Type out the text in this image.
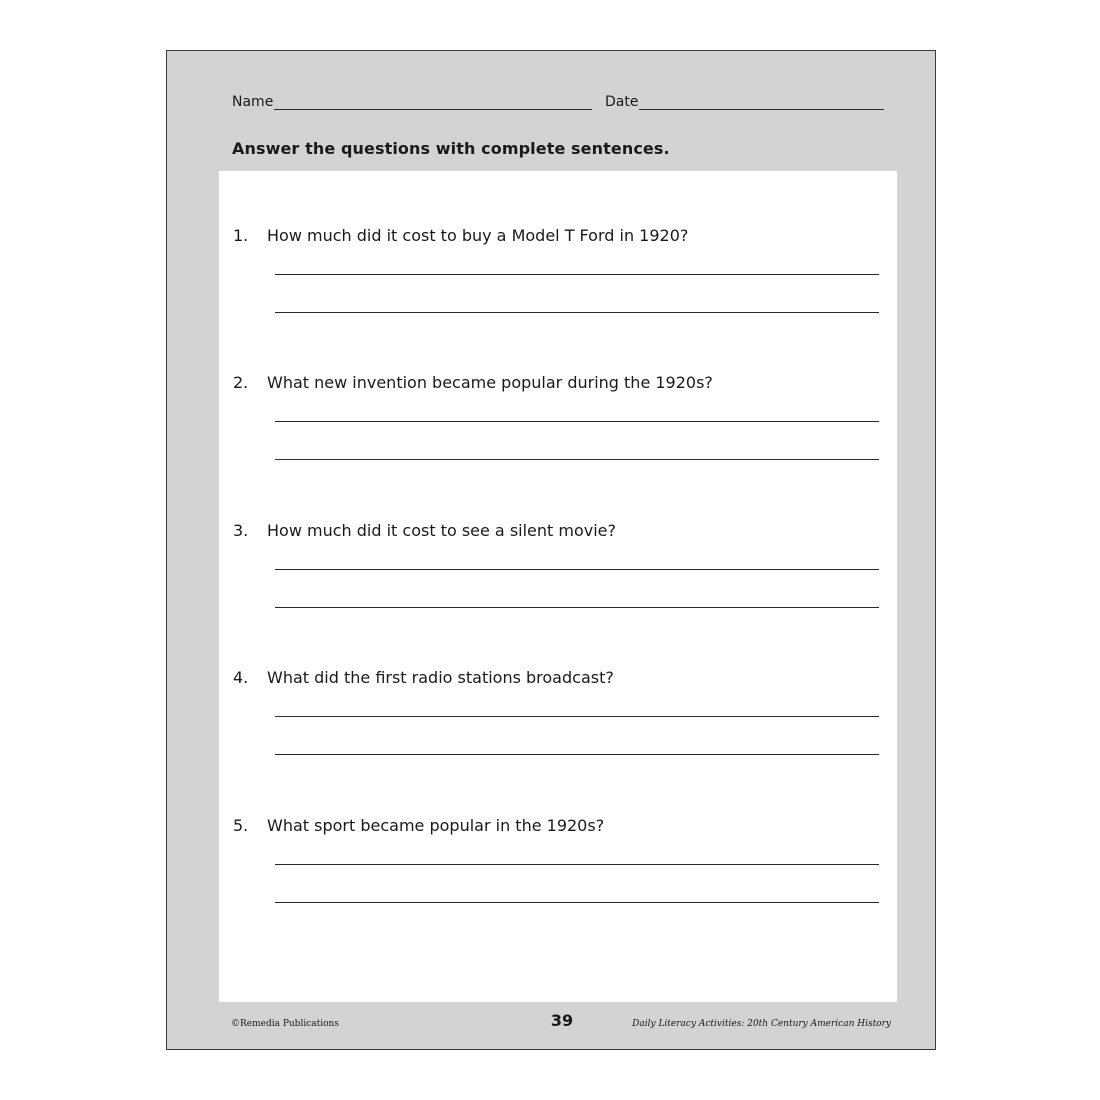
Name	Date
Answer the questions with complete sentences.
1.	How much did it cost to buy a Model T Ford in 1920?
2.	What new invention became popular during the 1920s?
3.	How much did it cost to see a silent movie?
4.	What did the first radio stations broadcast?
5.	What sport became popular in the 1920s?
©Remedia Publications	39	Daily Literacy Activities: 20th Century American History
